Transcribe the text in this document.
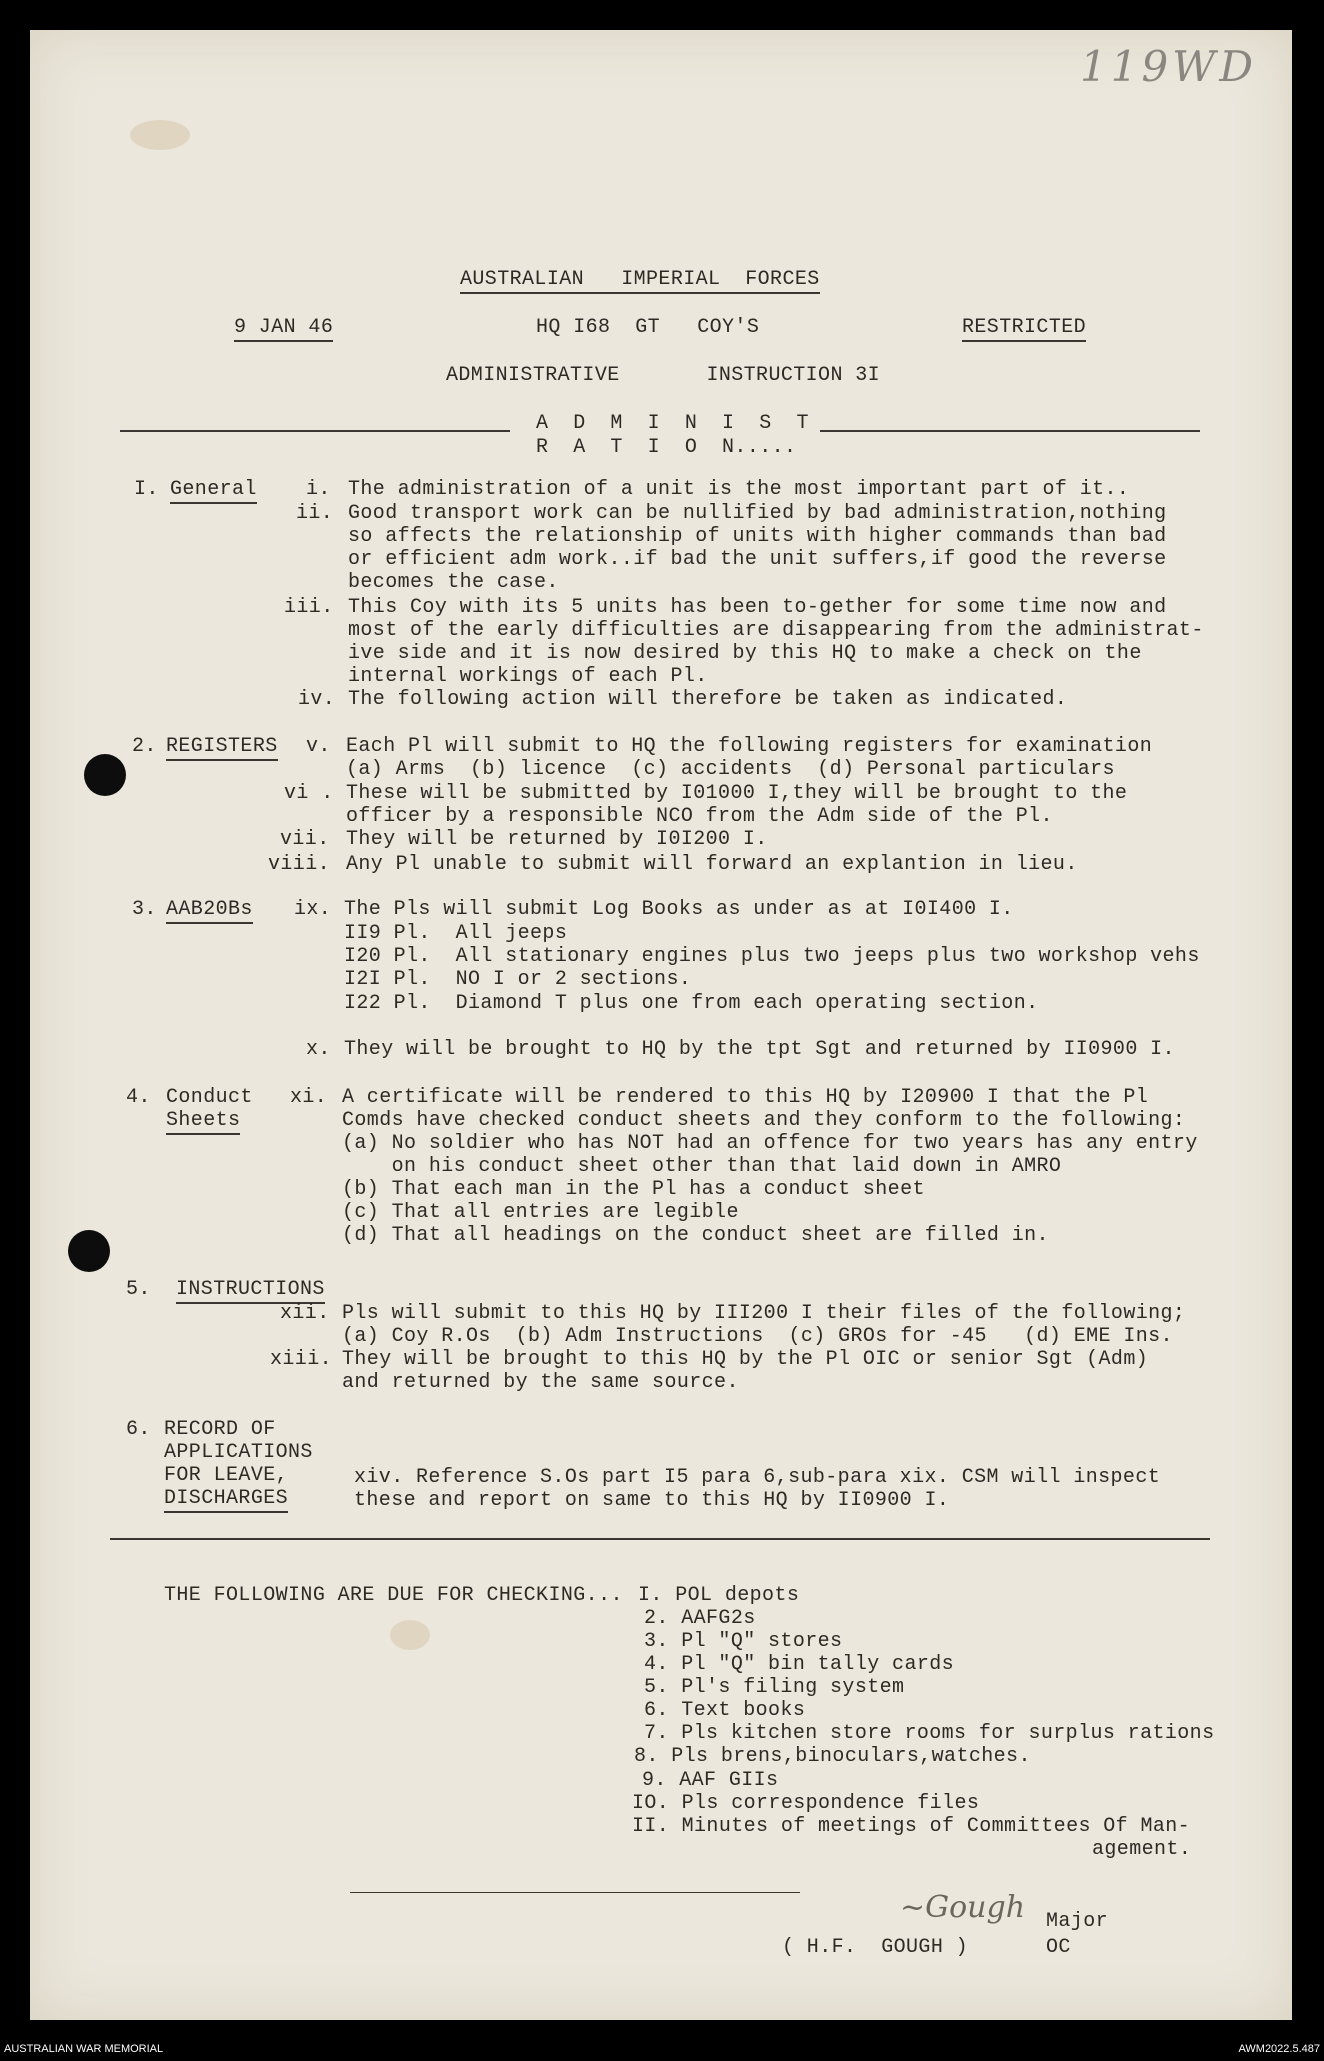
119WD
AUSTRALIAN   IMPERIAL  FORCES
9 JAN 46	HQ I68  GT   COY'S	RESTRICTED
ADMINISTRATIVE       INSTRUCTION 3I
A  D  M  I  N  I  S  T
R  A  T  I  O  N.....
I. General i. The administration of a unit is the most important part of it..
ii. Good transport work can be nullified by bad administration,nothing
so affects the relationship of units with higher commands than bad
or efficient adm work..if bad the unit suffers,if good the reverse
becomes the case.
iii. This Coy with its 5 units has been to-gether for some time now and
most of the early difficulties are disappearing from the administrat-
ive side and it is now desired by this HQ to make a check on the
internal workings of each Pl.
iv. The following action will therefore be taken as indicated.
2. REGISTERS v. Each Pl will submit to HQ the following registers for examination
(a) Arms  (b) licence  (c) accidents  (d) Personal particulars
vi . These will be submitted by I01000 I,they will be brought to the
officer by a responsible NCO from the Adm side of the Pl.
vii. They will be returned by I0I200 I.
viii. Any Pl unable to submit will forward an explantion in lieu.
3. AAB20Bs ix. The Pls will submit Log Books as under as at I0I400 I.
II9 Pl.  All jeeps
I20 Pl.  All stationary engines plus two jeeps plus two workshop vehs
I2I Pl.  NO I or 2 sections.
I22 Pl.  Diamond T plus one from each operating section.
x. They will be brought to HQ by the tpt Sgt and returned by II0900 I.
4. Conduct
Sheets
xi. A certificate will be rendered to this HQ by I20900 I that the Pl
Comds have checked conduct sheets and they conform to the following:
(a) No soldier who has NOT had an offence for two years has any entry
on his conduct sheet other than that laid down in AMRO
(b) That each man in the Pl has a conduct sheet
(c) That all entries are legible
(d) That all headings on the conduct sheet are filled in.
5. INSTRUCTIONS
xii. Pls will submit to this HQ by III200 I their files of the following;
(a) Coy R.Os  (b) Adm Instructions  (c) GROs for -45   (d) EME Ins.
xiii. They will be brought to this HQ by the Pl OIC or senior Sgt (Adm)
and returned by the same source.
6. RECORD OF
APPLICATIONS
FOR LEAVE,
DISCHARGES
xiv. Reference S.Os part I5 para 6,sub-para xix. CSM will inspect
these and report on same to this HQ by II0900 I.
THE FOLLOWING ARE DUE FOR CHECKING... I. POL depots
2. AAFG2s
3. Pl "Q" stores
4. Pl "Q" bin tally cards
5. Pl's filing system
6. Text books
7. Pls kitchen store rooms for surplus rations
8. Pls brens,binoculars,watches.
9. AAF GIIs
IO. Pls correspondence files
II. Minutes of meetings of Committees Of Man-
agement.
~Gough Major
( H.F.  GOUGH )	OC
AUSTRALIAN WAR MEMORIAL	AWM2022.5.487
